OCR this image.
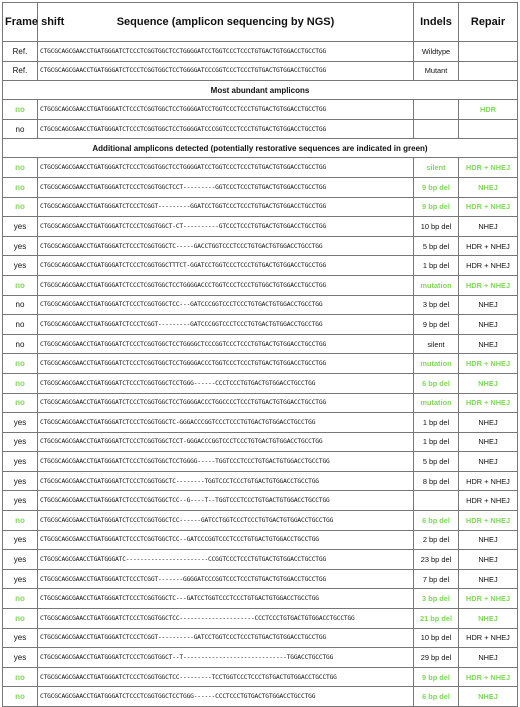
Frame shift	Sequence (amplicon sequencing by NGS)	Indels	Repair
Ref.	CTGCGCAGCGAACCTGATGGGATCTCCCTCGGTGGCTCCTGGGGATCCTGGTCCCTCCCTGTGACTGTGGACCTGCCTGG	Wildtype	
Ref.	CTGCGCAGCGAACCTGATGGGATCTCCCTCGGTGGCTCCTGGGGATCCCGGTCCCTCCCTGTGACTGTGGACCTGCCTGG	Mutant	
Most abundant amplicons			
no	CTGCGCAGCGAACCTGATGGGATCTCCCTCGGTGGCTCCTGGGGATCCTGGTCCCTCCCTGTGACTGTGGACCTGCCTGG		HDR
no	CTGCGCAGCGAACCTGATGGGATCTCCCTCGGTGGCTCCTGGGGATCCCGGTCCCTCCCTGTGACTGTGGACCTGCCTGG		
Additional amplicons detected (potentially restorative sequences are indicated in green)			
no	CTGCGCAGCGAACCTGATGGGATCTCCCTCGGTGGCTCCTGGGGATCCTGGTCCCTCCCTGTGACTGTGGACCTGCCTGG	silent	HDR + NHEJ
no	CTGCGCAGCGAACCTGATGGGATCTCCCTCGGTGGCTCCT---------GGTCCCTCCCTGTGACTGTGGACCTGCCTGG	9 bp del	NHEJ
no	CTGCGCAGCGAACCTGATGGGATCTCCCTCGGT---------GGATCCTGGTCCCTCCCTGTGACTGTGGACCTGCCTGG	9 bp del	HDR + NHEJ
yes	CTGCGCAGCGAACCTGATGGGATCTCCCTCGGTGGCT-CT----------GTCCCTCCCTGTGACTGTGGACCTGCCTGG	10 bp del	NHEJ
yes	CTGCGCAGCGAACCTGATGGGATCTCCCTCGGTGGCTC-----GACCTGGTCCCTCCCTGTGACTGTGGACCTGCCTGG	5 bp del	HDR + NHEJ
yes	CTGCGCAGCGAACCTGATGGGATCTCCCTCGGTGGCTTTCT-GGATCCTGGTCCCTCCCTGTGACTGTGGACCTGCCTGG	1 bp del	HDR + NHEJ
no	CTGCGCAGCGAACCTGATGGGATCTCCCTCGGTGGCTCCTGGGGACCCTGGTCCCTCCCTGTGGCTGTGGACCTGCCTGG	mutation	HDR + NHEJ
no	CTGCGCAGCGAACCTGATGGGATCTCCCTCGGTGGCTCC---GATCCCGGTCCCTCCCTGTGACTGTGGACCTGCCTGG	3 bp del	NHEJ
no	CTGCGCAGCGAACCTGATGGGATCTCCCTCGGT---------GATCCCGGTCCCTCCCTGTGACTGTGGACCTGCCTGG	9 bp del	NHEJ
no	CTGCGCAGCGAACCTGATGGGATCTCCCTCGGTGGCTCCTGGGGCTCCCGGTCCCTCCCTGTGACTGTGGACCTGCCTGG	silent	NHEJ
no	CTGCGCAGCGAACCTGATGGGATCTCCCTCGGTGGCTCCTGGGGACCCTGGTCCCTCCCTGTGACTGTGGACCTGCCTGG	mutation	HDR + NHEJ
no	CTGCGCAGCGAACCTGATGGGATCTCCCTCGGTGGCTCCTGGG------CCCTCCCTGTGACTGTGGACCTGCCTGG	6 bp del	NHEJ
no	CTGCGCAGCGAACCTGATGGGATCTCCCTCGGTGGCTCCTGGGGACCCTGGCCCCTCCCTGTGACTGTGGACCTGCCTGG	mutation	HDR + NHEJ
yes	CTGCGCAGCGAACCTGATGGGATCTCCCTCGGTGGCTC-GGGACCCGGTCCCTCCCTGTGACTGTGGACCTGCCTGG	1 bp del	NHEJ
yes	CTGCGCAGCGAACCTGATGGGATCTCCCTCGGTGGCTCCT-GGGACCCGGTCCCTCCCTGTGACTGTGGACCTGCCTGG	1 bp del	NHEJ
yes	CTGCGCAGCGAACCTGATGGGATCTCCCTCGGTGGCTCCTGGGG-----TGGTCCCTCCCTGTGACTGTGGACCTGCCTGG	5 bp del	NHEJ
yes	CTGCGCAGCGAACCTGATGGGATCTCCCTCGGTGGCTC--------TGGTCCCTCCCTGTGACTGTGGACCTGCCTGG	8 bp del	HDR + NHEJ
yes	CTGCGCAGCGAACCTGATGGGATCTCCCTCGGTGGCTCC--G----T--TGGTCCCTCCCTGTGACTGTGGACCTGCCTGG		HDR + NHEJ
no	CTGCGCAGCGAACCTGATGGGATCTCCCTCGGTGGCTCC------GATCCTGGTCCCTCCCTGTGACTGTGGACCTGCCTGG	6 bp del	HDR + NHEJ
yes	CTGCGCAGCGAACCTGATGGGATCTCCCTCGGTGGCTCC--GATCCCGGTCCCTCCCTGTGACTGTGGACCTGCCTGG	2 bp del	NHEJ
yes	CTGCGCAGCGAACCTGATGGGATC-----------------------CCGGTCCCTCCCTGTGACTGTGGACCTGCCTGG	23 bp del	NHEJ
yes	CTGCGCAGCGAACCTGATGGGATCTCCCTCGGT-------GGGGATCCCGGTCCCTCCCTGTGACTGTGGACCTGCCTGG	7 bp del	NHEJ
no	CTGCGCAGCGAACCTGATGGGATCTCCCTCGGTGGCTC---GATCCTGGTCCCTCCCTGTGACTGTGGACCTGCCTGG	3 bp del	HDR + NHEJ
no	CTGCGCAGCGAACCTGATGGGATCTCCCTCGGTGGCTCC---------------------CCCTCCCTGTGACTGTGGACCTGCCTGG	21 bp del	NHEJ
yes	CTGCGCAGCGAACCTGATGGGATCTCCCTCGGT----------GATCCTGGTCCCTCCCTGTGACTGTGGACCTGCCTGG	10 bp del	HDR + NHEJ
yes	CTGCGCAGCGAACCTGATGGGATCTCCCTCGGTGGCT--T-----------------------------TGGACCTGCCTGG	29 bp del	NHEJ
no	CTGCGCAGCGAACCTGATGGGATCTCCCTCGGTGGCTCC---------TCCTGGTCCCTCCCTGTGACTGTGGACCTGCCTGG	9 bp del	HDR + NHEJ
no	CTGCGCAGCGAACCTGATGGGATCTCCCTCGGTGGCTCCTGGG------CCCTCCCTGTGACTGTGGACCTGCCTGG	6 bp del	NHEJ
